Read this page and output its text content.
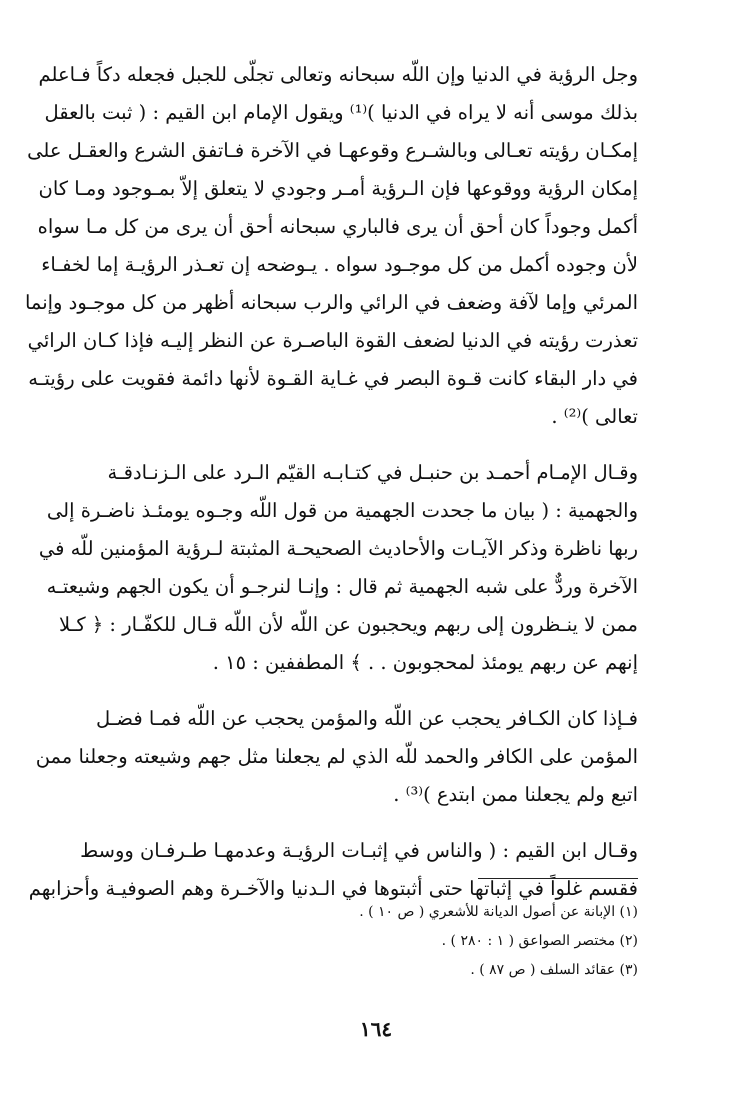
وجل الرؤية في الدنيا وإن اللّه سبحانه وتعالى تجلّى للجبل فجعله دكاً فـاعلم

بذلك موسى أنه لا يراه في الدنيا )⁽¹⁾ ويقول الإمام ابن القيم : ( ثبت بالعقل

إمكـان رؤيته تعـالى وبالشـرع وقوعهـا في الآخرة فـاتفق الشرع والعقـل على

إمكان الرؤية ووقوعها فإن الـرؤية أمـر وجودي لا يتعلق إلاّ بمـوجود ومـا كان

أكمل وجوداً كان أحق أن يرى فالباري سبحانه أحق أن يرى من كل مـا سواه

لأن وجوده أكمل من كل موجـود سواه . يـوضحه إن تعـذر الرؤيـة إما لخفـاء

المرئي وإما لآفة وضعف في الرائي والرب سبحانه أظهر من كل موجـود وإنما

تعذرت رؤيته في الدنيا لضعف القوة الباصـرة عن النظر إليـه فإذا كـان الرائي

في دار البقاء كانت قـوة البصر في غـاية القـوة لأنها دائمة فقويت على رؤيتـه

تعالى )⁽²⁾ .

وقـال الإمـام أحمـد بن حنبـل في كتـابـه القيّم الـرد على الـزنـادقـة

والجهمية : ( بيان ما جحدت الجهمية من قول اللّه وجـوه يومئـذ ناضـرة إلى

ربها ناظرة وذكر الآيـات والأحاديث الصحيحـة المثبتة لـرؤية المؤمنين للّه في

الآخرة وردٌّ على شبه الجهمية ثم قال : وإنـا لنرجـو أن يكون الجهم وشيعتـه

ممن لا ينـظرون إلى ربهم ويحجبون عن اللّه لأن اللّه قـال للكفّـار : ﴿ كـلا

إنهم عن ربهم يومئذ لمحجوبون . . ﴾ المطففين : ١٥ .

فـإذا كان الكـافر يحجب عن اللّه والمؤمن يحجب عن اللّه فمـا فضـل

المؤمن على الكافر والحمد للّه الذي لم يجعلنا مثل جهم وشيعته وجعلنا ممن

اتبع ولم يجعلنا ممن ابتدع )⁽³⁾ .

وقـال ابن القيم : ( والناس في إثبـات الرؤيـة وعدمهـا طـرفـان ووسط

فقسم غلواً في إثباتها حتى أثبتوها في الـدنيا والآخـرة وهم الصوفيـة وأحزابهم

(١) الإبانة عن أصول الديانة للأشعري ( ص ١٠ ) .
(٢) مختصر الصواعق ( ١ : ٢٨٠ ) .
(٣) عقائد السلف ( ص ٨٧ ) .
١٦٤
